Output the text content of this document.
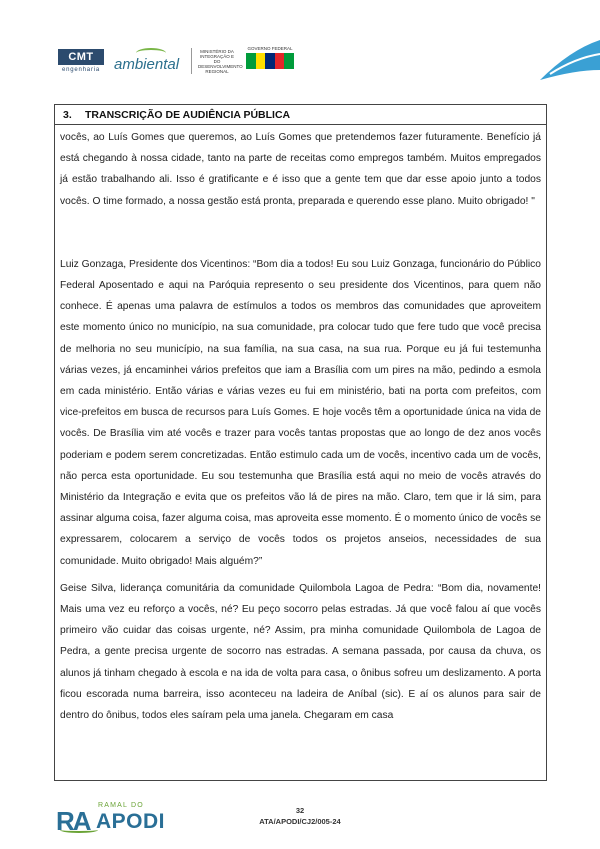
CMT
engenharia ambiental
MINISTÉRIO DA INTEGRAÇÃO E DO DESENVOLVIMENTO REGIONAL
GOVERNO FEDERAL
3. TRANSCRIÇÃO DE AUDIÊNCIA PÚBLICA

vocês, ao Luís Gomes que queremos, ao Luís Gomes que pretendemos fazer futuramente. Benefício já está chegando à nossa cidade, tanto na parte de receitas como empregos também. Muitos empregados já estão trabalhando ali. Isso é gratificante e é isso que a gente tem que dar esse apoio junto a todos vocês. O time formado, a nossa gestão está pronta, preparada e querendo esse plano. Muito obrigado! "

Luiz Gonzaga, Presidente dos Vicentinos: “Bom dia a todos! Eu sou Luiz Gonzaga, funcionário do Público Federal Aposentado e aqui na Paróquia represento o seu presidente dos Vicentinos, para quem não conhece. É apenas uma palavra de estímulos a todos os membros das comunidades que aproveitem este momento único no município, na sua comunidade, pra colocar tudo que fere tudo que você precisa de melhoria no seu município, na sua família, na sua casa, na sua rua. Porque eu já fui testemunha várias vezes, já encaminhei vários prefeitos que iam a Brasília com um pires na mão, pedindo a esmola em cada ministério. Então várias e várias vezes eu fui em ministério, bati na porta com prefeitos, com vice-prefeitos em busca de recursos para Luís Gomes. E hoje vocês têm a oportunidade única na vida de vocês. De Brasília vim até vocês e trazer para vocês tantas propostas que ao longo de dez anos vocês poderiam e podem serem concretizadas. Então estimulo cada um de vocês, incentivo cada um de vocês, não perca esta oportunidade. Eu sou testemunha que Brasília está aqui no meio de vocês através do Ministério da Integração e evita que os prefeitos vão lá de pires na mão. Claro, tem que ir lá sim, para assinar alguma coisa, fazer alguma coisa, mas aproveita esse momento. É o momento único de vocês se expressarem, colocarem a serviço de vocês todos os projetos anseios, necessidades de sua comunidade. Muito obrigado! Mais alguém?”

Geise Silva, liderança comunitária da comunidade Quilombola Lagoa de Pedra: “Bom dia, novamente! Mais uma vez eu reforço a vocês, né? Eu peço socorro pelas estradas. Já que você falou aí que vocês primeiro vão cuidar das coisas urgente, né? Assim, pra minha comunidade Quilombola de Lagoa de Pedra, a gente precisa urgente de socorro nas estradas. A semana passada, por causa da chuva, os alunos já tinham chegado à escola e na ida de volta para casa, o ônibus sofreu um deslizamento. A porta ficou escorada numa barreira, isso aconteceu na ladeira de Aníbal (sic). E aí os alunos para sair de dentro do ônibus, todos eles saíram pela uma janela. Chegaram em casa

RA
RAMAL DO
APODI	32
ATA/APODI/CJ2/005-24
